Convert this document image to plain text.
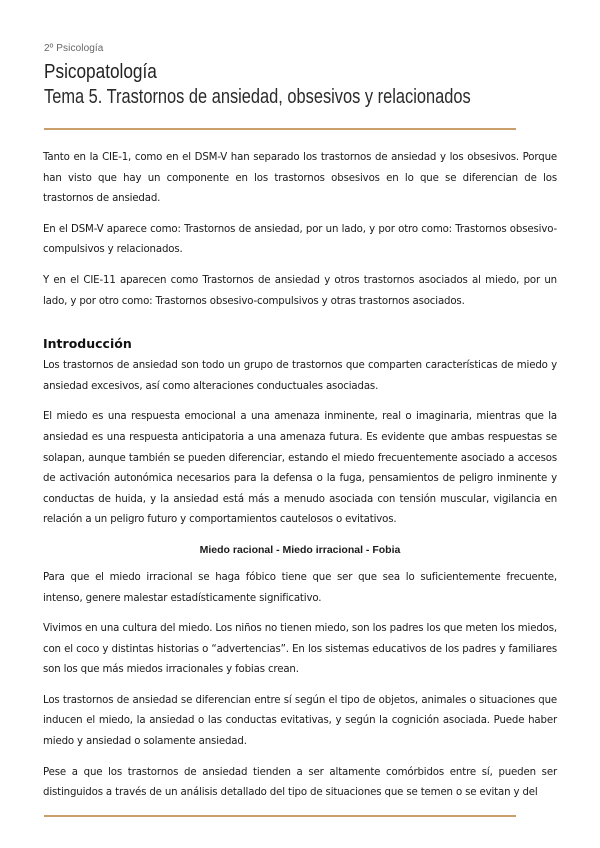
2º Psicología
Psicopatología
Tema 5. Trastornos de ansiedad, obsesivos y relacionados

Tanto en la CIE-1, como en el DSM-V han separado los trastornos de ansiedad y los obsesivos. Porque han visto que hay un componente en los trastornos obsesivos en lo que se diferencian de los trastornos de ansiedad.

En el DSM-V aparece como: Trastornos de ansiedad, por un lado, y por otro como: Trastornos obsesivo-compulsivos y relacionados.

Y en el CIE-11 aparecen como Trastornos de ansiedad y otros trastornos asociados al miedo, por un lado, y por otro como: Trastornos obsesivo-compulsivos y otras trastornos asociados.

Introducción

Los trastornos de ansiedad son todo un grupo de trastornos que comparten características de miedo y ansiedad excesivos, así como alteraciones conductuales asociadas.

El miedo es una respuesta emocional a una amenaza inminente, real o imaginaria, mientras que la ansiedad es una respuesta anticipatoria a una amenaza futura. Es evidente que ambas respuestas se solapan, aunque también se pueden diferenciar, estando el miedo frecuentemente asociado a accesos de activación autonómica necesarios para la defensa o la fuga, pensamientos de peligro inminente y conductas de huida, y la ansiedad está más a menudo asociada con tensión muscular, vigilancia en relación a un peligro futuro y comportamientos cautelosos o evitativos.

Miedo racional - Miedo irracional - Fobia

Para que el miedo irracional se haga fóbico tiene que ser que sea lo suficientemente frecuente, intenso, genere malestar estadísticamente significativo.

Vivimos en una cultura del miedo. Los niños no tienen miedo, son los padres los que meten los miedos, con el coco y distintas historias o “advertencias”. En los sistemas educativos de los padres y familiares son los que más miedos irracionales y fobias crean.

Los trastornos de ansiedad se diferencian entre sí según el tipo de objetos, animales o situaciones que inducen el miedo, la ansiedad o las conductas evitativas, y según la cognición asociada. Puede haber miedo y ansiedad o solamente ansiedad.

Pese a que los trastornos de ansiedad tienden a ser altamente comórbidos entre sí, pueden ser distinguidos a través de un análisis detallado del tipo de situaciones que se temen o se evitan y del
